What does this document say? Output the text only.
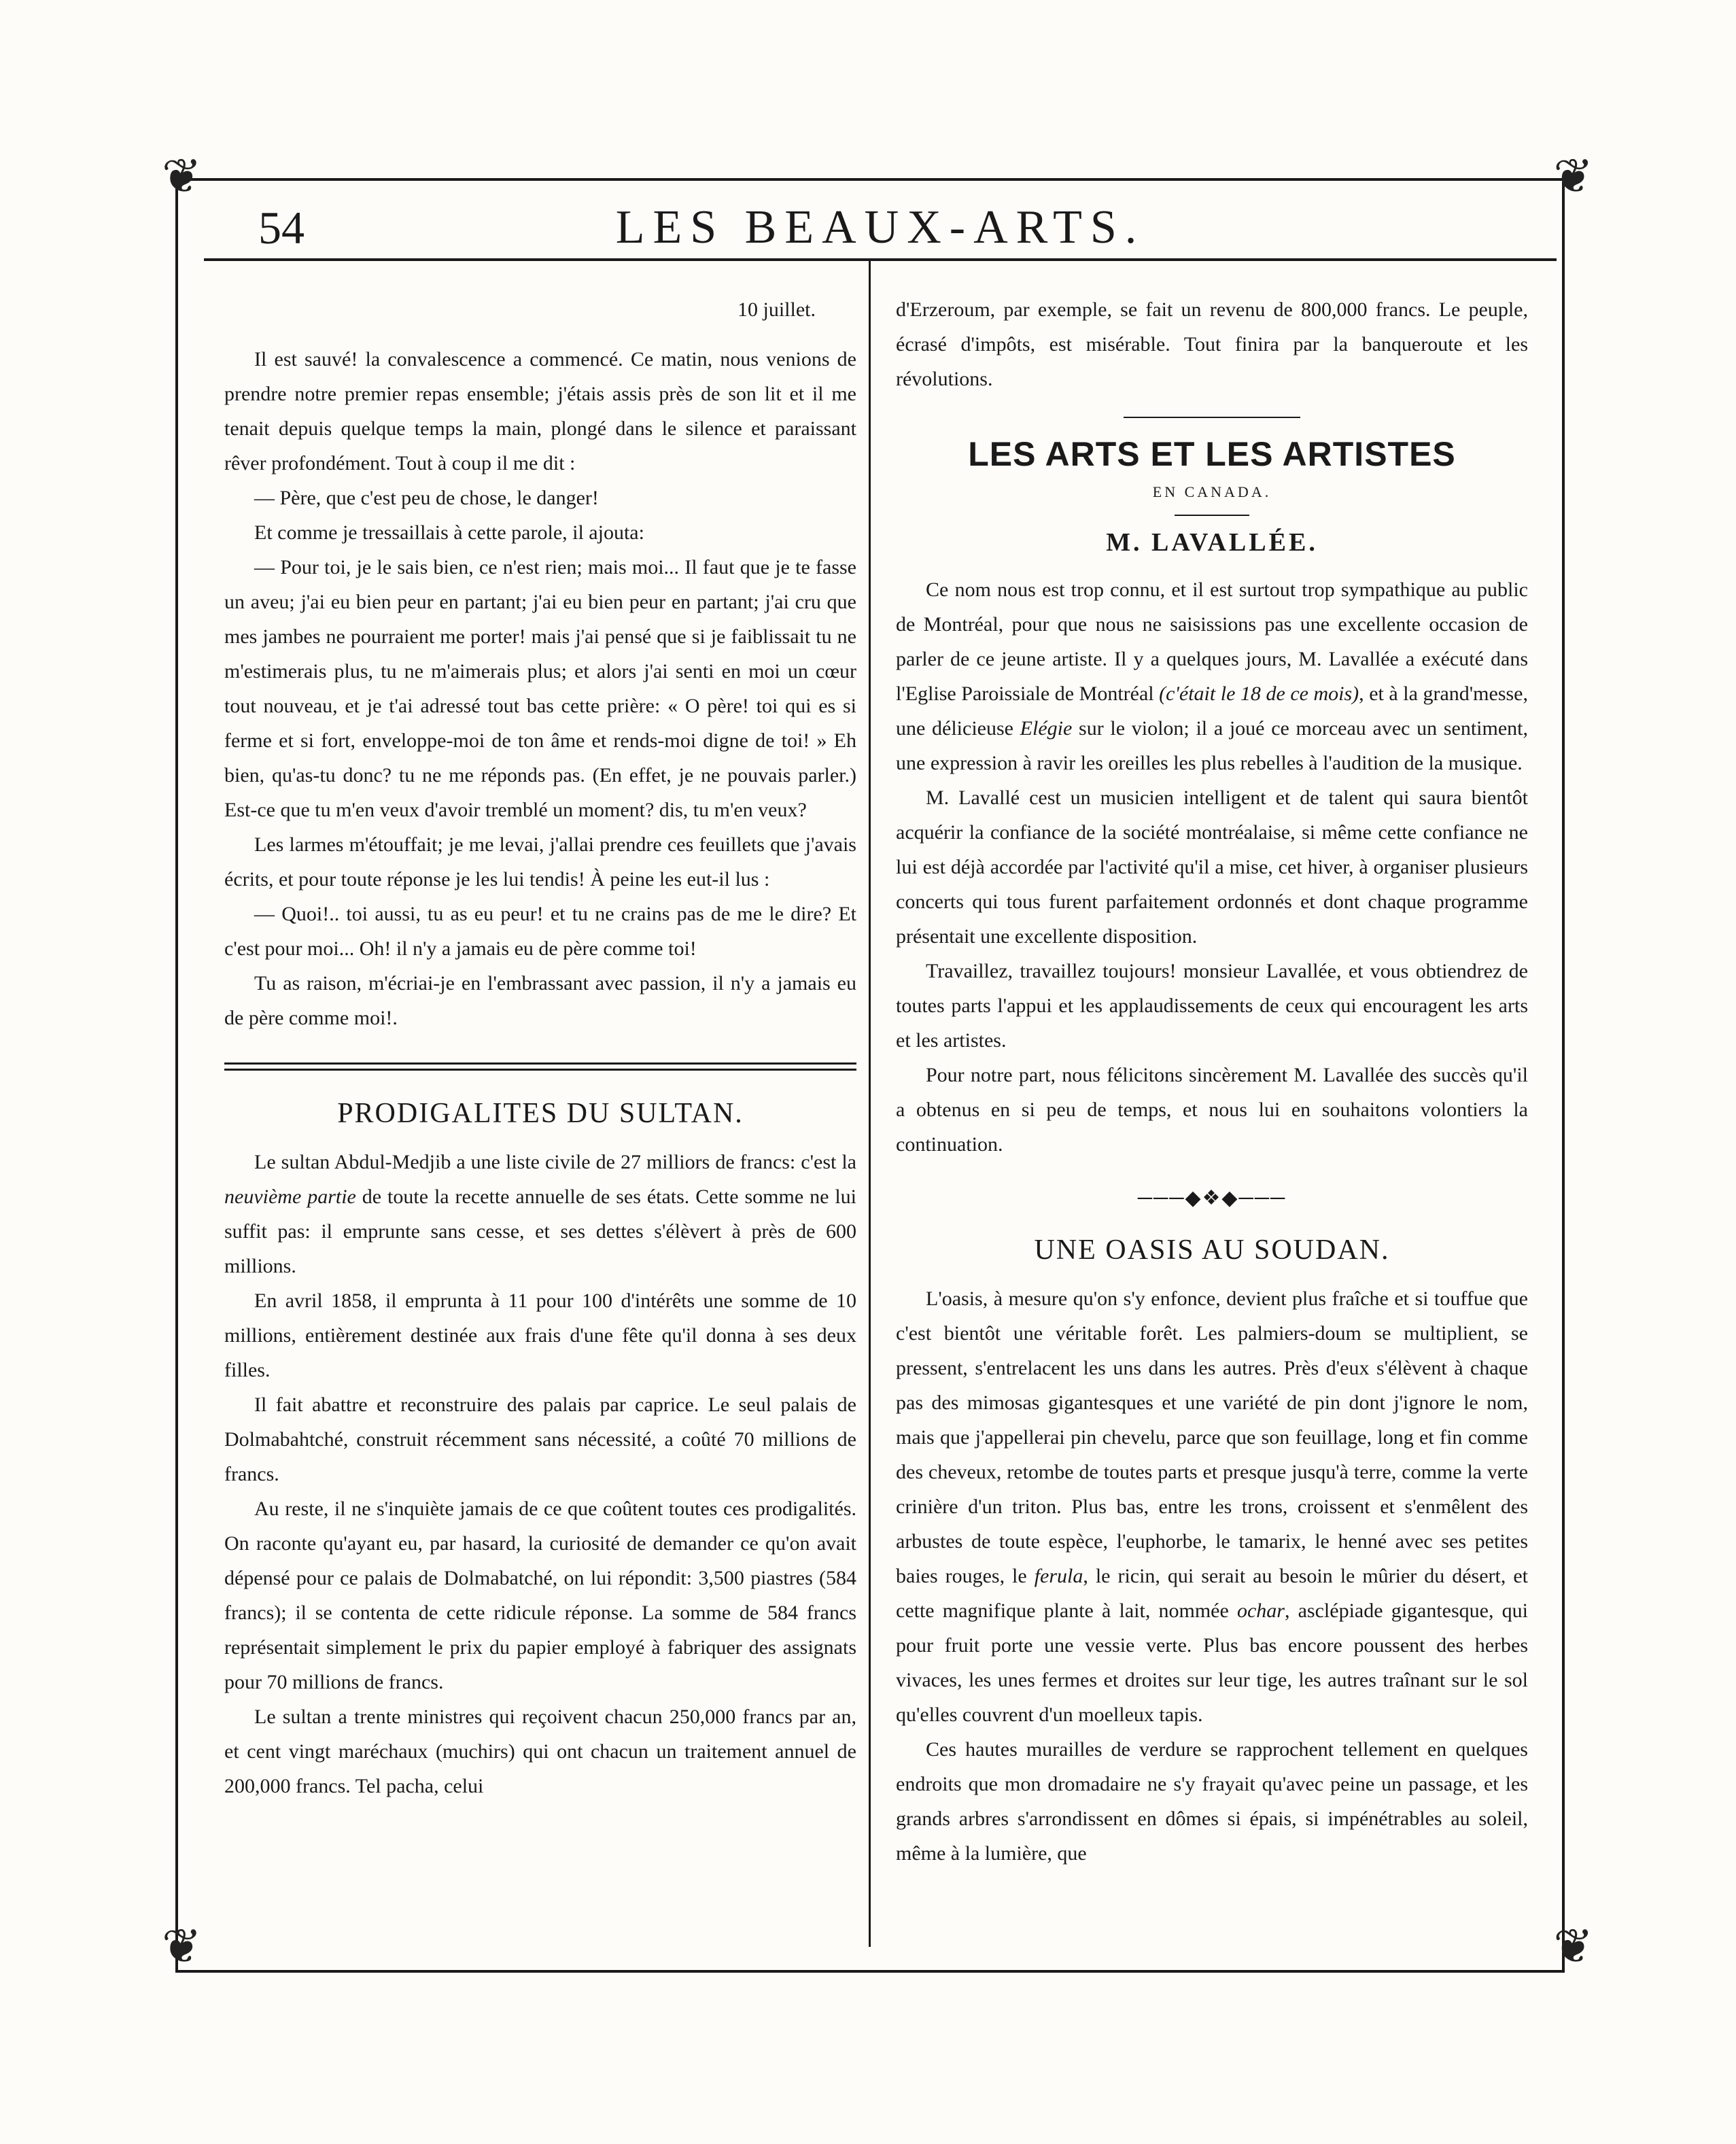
❦	❦
❦	❦
54	LES BEAUX-ARTS.

10 juillet.

Il est sauvé! la convalescence a commencé. Ce matin, nous venions de prendre notre premier repas ensemble; j'étais assis près de son lit et il me tenait depuis quelque temps la main, plongé dans le silence et paraissant rêver profondément. Tout à coup il me dit :

— Père, que c'est peu de chose, le danger!

Et comme je tressaillais à cette parole, il ajouta:

— Pour toi, je le sais bien, ce n'est rien; mais moi... Il faut que je te fasse un aveu; j'ai eu bien peur en partant; j'ai eu bien peur en partant; j'ai cru que mes jambes ne pourraient me porter! mais j'ai pensé que si je faiblissait tu ne m'estimerais plus, tu ne m'aimerais plus; et alors j'ai senti en moi un cœur tout nouveau, et je t'ai adressé tout bas cette prière: « O père! toi qui es si ferme et si fort, enveloppe-moi de ton âme et rends-moi digne de toi! » Eh bien, qu'as-tu donc? tu ne me réponds pas. (En effet, je ne pouvais parler.) Est-ce que tu m'en veux d'avoir tremblé un moment? dis, tu m'en veux?

Les larmes m'étouffait; je me levai, j'allai prendre ces feuillets que j'avais écrits, et pour toute réponse je les lui tendis! À peine les eut-il lus :

— Quoi!.. toi aussi, tu as eu peur! et tu ne crains pas de me le dire? Et c'est pour moi... Oh! il n'y a jamais eu de père comme toi!

Tu as raison, m'écriai-je en l'embrassant avec passion, il n'y a jamais eu de père comme moi!.

PRODIGALITES DU SULTAN.

Le sultan Abdul-Medjib a une liste civile de 27 milliors de francs: c'est la neuvième partie de toute la recette annuelle de ses états. Cette somme ne lui suffit pas: il emprunte sans cesse, et ses dettes s'élèvert à près de 600 millions.

En avril 1858, il emprunta à 11 pour 100 d'intérêts une somme de 10 millions, entièrement destinée aux frais d'une fête qu'il donna à ses deux filles.

Il fait abattre et reconstruire des palais par caprice. Le seul palais de Dolmabahtché, construit récemment sans nécessité, a coûté 70 millions de francs.

Au reste, il ne s'inquiète jamais de ce que coûtent toutes ces prodigalités. On raconte qu'ayant eu, par hasard, la curiosité de demander ce qu'on avait dépensé pour ce palais de Dolmabatché, on lui répondit: 3,500 piastres (584 francs); il se contenta de cette ridicule réponse. La somme de 584 francs représentait simplement le prix du papier employé à fabriquer des assignats pour 70 millions de francs.

Le sultan a trente ministres qui reçoivent chacun 250,000 francs par an, et cent vingt maréchaux (muchirs) qui ont chacun un traitement annuel de 200,000 francs. Tel pacha, celui

d'Erzeroum, par exemple, se fait un revenu de 800,000 francs. Le peuple, écrasé d'impôts, est misérable. Tout finira par la banqueroute et les révolutions.

LES ARTS ET LES ARTISTES
EN CANADA.
M. LAVALLÉE.

Ce nom nous est trop connu, et il est surtout trop sympathique au public de Montréal, pour que nous ne saisissions pas une excellente occasion de parler de ce jeune artiste. Il y a quelques jours, M. Lavallée a exécuté dans l'Eglise Paroissiale de Montréal (c'était le 18 de ce mois), et à la grand'messe, une délicieuse Elégie sur le violon; il a joué ce morceau avec un sentiment, une expression à ravir les oreilles les plus rebelles à l'audition de la musique.

M. Lavallé cest un musicien intelligent et de talent qui saura bientôt acquérir la confiance de la société montréalaise, si même cette confiance ne lui est déjà accordée par l'activité qu'il a mise, cet hiver, à organiser plusieurs concerts qui tous furent parfaitement ordonnés et dont chaque programme présentait une excellente disposition.

Travaillez, travaillez toujours! monsieur Lavallée, et vous obtiendrez de toutes parts l'appui et les applaudissements de ceux qui encouragent les arts et les artistes.

Pour notre part, nous félicitons sincèrement M. Lavallée des succès qu'il a obtenus en si peu de temps, et nous lui en souhaitons volontiers la continuation.

───◆❖◆───
UNE OASIS AU SOUDAN.

L'oasis, à mesure qu'on s'y enfonce, devient plus fraîche et si touffue que c'est bientôt une véritable forêt. Les palmiers-doum se multiplient, se pressent, s'entrelacent les uns dans les autres. Près d'eux s'élèvent à chaque pas des mimosas gigantesques et une variété de pin dont j'ignore le nom, mais que j'appellerai pin chevelu, parce que son feuillage, long et fin comme des cheveux, retombe de toutes parts et presque jusqu'à terre, comme la verte crinière d'un triton. Plus bas, entre les trons, croissent et s'enmêlent des arbustes de toute espèce, l'euphorbe, le tamarix, le henné avec ses petites baies rouges, le ferula, le ricin, qui serait au besoin le mûrier du désert, et cette magnifique plante à lait, nommée ochar, asclépiade gigantesque, qui pour fruit porte une vessie verte. Plus bas encore poussent des herbes vivaces, les unes fermes et droites sur leur tige, les autres traînant sur le sol qu'elles couvrent d'un moelleux tapis.

Ces hautes murailles de verdure se rapprochent tellement en quelques endroits que mon dromadaire ne s'y frayait qu'avec peine un passage, et les grands arbres s'arrondissent en dômes si épais, si impénétrables au soleil, même à la lumière, que
